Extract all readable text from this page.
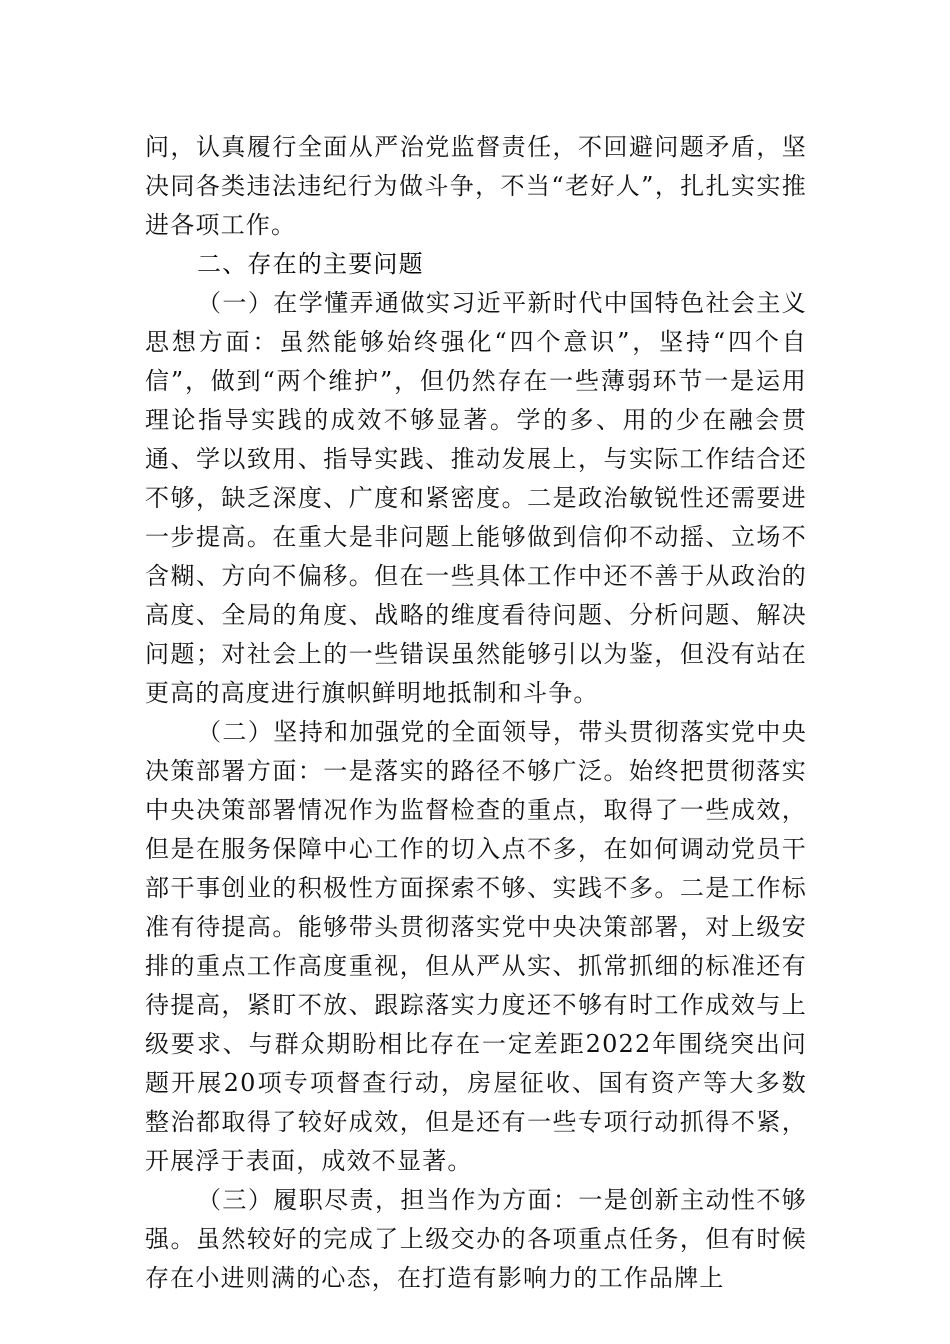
问，认真履行全面从严治党监督责任，不回避问题矛盾，坚决同各类违法违纪行为做斗争，不当“老好人”，扎扎实实推进各项工作。

二、存在的主要问题

（一）在学懂弄通做实习近平新时代中国特色社会主义思想方面：虽然能够始终强化“四个意识”，坚持“四个自信”，做到“两个维护”，但仍然存在一些薄弱环节一是运用理论指导实践的成效不够显著。学的多、用的少在融会贯通、学以致用、指导实践、推动发展上，与实际工作结合还不够，缺乏深度、广度和紧密度。二是政治敏锐性还需要进一步提高。在重大是非问题上能够做到信仰不动摇、立场不含糊、方向不偏移。但在一些具体工作中还不善于从政治的高度、全局的角度、战略的维度看待问题、分析问题、解决问题；对社会上的一些错误虽然能够引以为鉴，但没有站在更高的高度进行旗帜鲜明地抵制和斗争。

（二）坚持和加强党的全面领导，带头贯彻落实党中央决策部署方面：一是落实的路径不够广泛。始终把贯彻落实中央决策部署情况作为监督检查的重点，取得了一些成效，但是在服务保障中心工作的切入点不多，在如何调动党员干部干事创业的积极性方面探索不够、实践不多。二是工作标准有待提高。能够带头贯彻落实党中央决策部署，对上级安排的重点工作高度重视，但从严从实、抓常抓细的标准还有待提高，紧盯不放、跟踪落实力度还不够有时工作成效与上级要求、与群众期盼相比存在一定差距2022年围绕突出问题开展20项专项督查行动，房屋征收、国有资产等大多数整治都取得了较好成效，但是还有一些专项行动抓得不紧，开展浮于表面，成效不显著。

（三）履职尽责，担当作为方面：一是创新主动性不够强。虽然较好的完成了上级交办的各项重点任务，但有时候存在小进则满的心态，在打造有影响力的工作品牌上
